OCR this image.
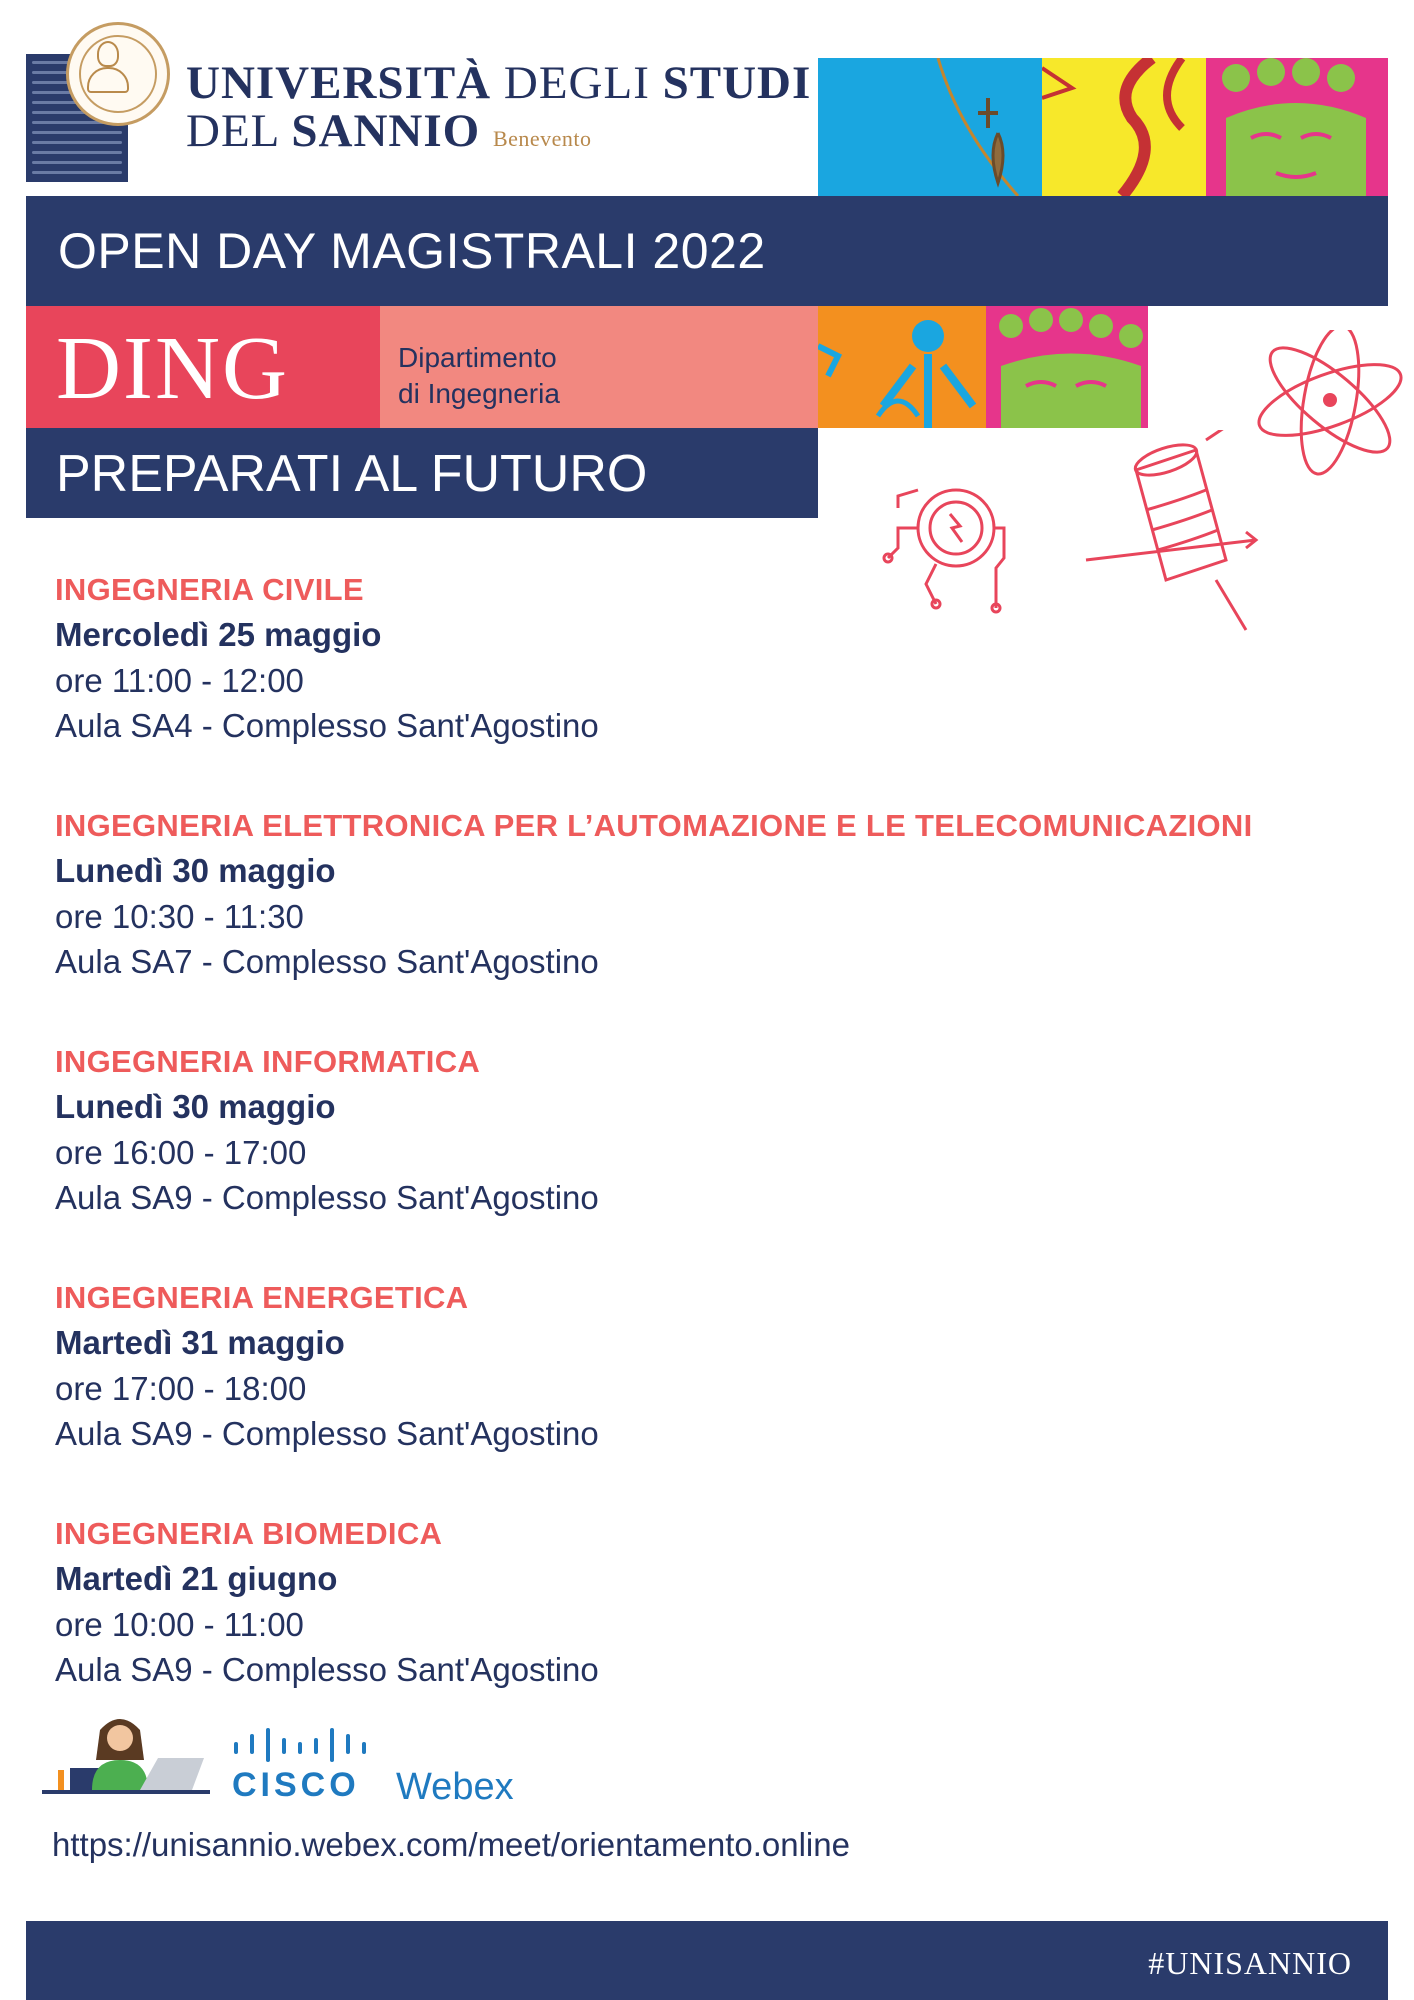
UNIVERSITÀ DEGLI STUDI
DEL SANNIO Benevento
OPEN DAY MAGISTRALI 2022
DING	Dipartimento
di Ingegneria
PREPARATI AL FUTURO
INGEGNERIA CIVILE
Mercoledì 25 maggio
ore 11:00 - 12:00
Aula SA4 - Complesso Sant'Agostino
INGEGNERIA ELETTRONICA PER L’AUTOMAZIONE E LE TELECOMUNICAZIONI
Lunedì 30 maggio
ore 10:30 - 11:30
Aula SA7 - Complesso Sant'Agostino
INGEGNERIA INFORMATICA
Lunedì 30 maggio
ore 16:00 - 17:00
Aula SA9 - Complesso Sant'Agostino
INGEGNERIA ENERGETICA
Martedì 31 maggio
ore 17:00 - 18:00
Aula SA9 - Complesso Sant'Agostino
INGEGNERIA BIOMEDICA
Martedì 21 giugno
ore 10:00 - 11:00
Aula SA9 - Complesso Sant'Agostino
CISCO Webex
https://unisannio.webex.com/meet/orientamento.online
#UNISANNIO
